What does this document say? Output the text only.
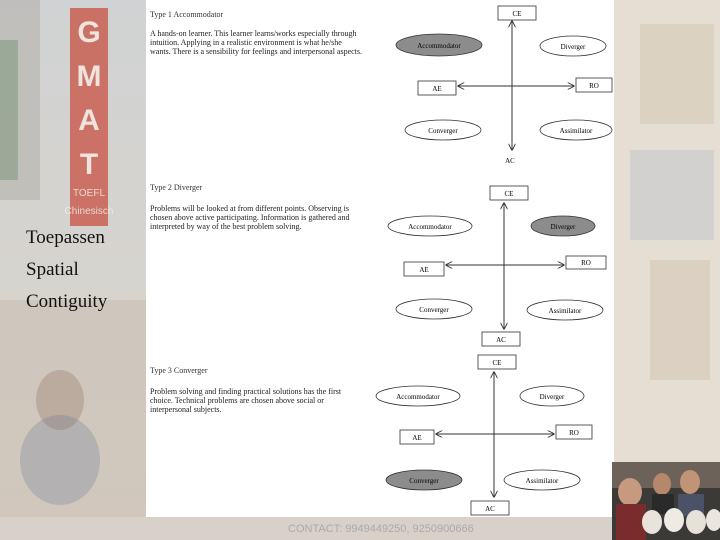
G
M
A
T
TOEFL
Chinesisch
CONTACT: 9949449250, 9250900666
Toepassen
Spatial
Contiguity
Type 1 Accommodator
A hands-on learner. This learner learns/works especially through
intuition. Applying in a realistic environment is what he/she
wants. There is a sensibility for feelings and interpersonal aspects.
CE
AE	RO
AC
Accommodator	Diverger
Converger	Assimilator
Type 2 Diverger
Problems will be looked at from different points. Observing is
chosen above active participating. Information is gathered and
interpreted by way of the best problem solving.
CE
AE
RO
AC
Accommodator	Diverger
Converger	Assimilator
Type 3 Converger
Problem solving and finding practical solutions has the first
choice. Technical problems are chosen above social or
interpersonal subjects.
CE
AE
RO
AC
Accommodator	Diverger
Converger	Assimilator
